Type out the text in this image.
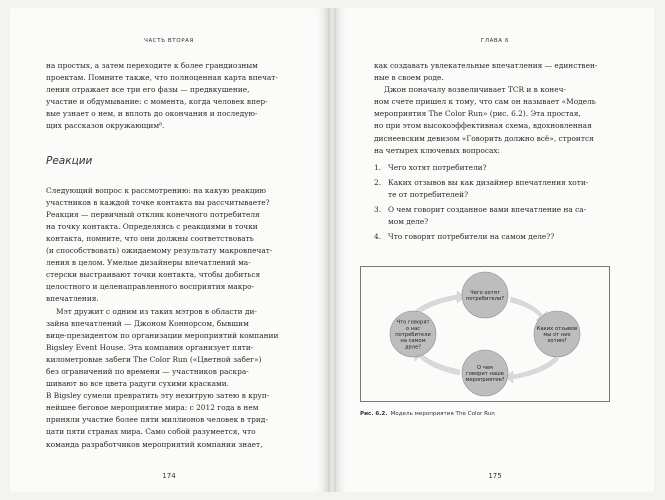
ЧАСТЬ ВТОРАЯ

на простых, а затем переходите к более грандиозным
проектам. Помните также, что полноценная карта впечат-
ления отражает все три его фазы — предвкушение,
участие и обдумывание: с момента, когда человек впер-
вые узнает о нем, и вплоть до окончания и последую-
щих рассказов окружающим⁸.

Реакции

Следующий вопрос к рассмотрению: на какую реакцию
участников в каждой точке контакта вы рассчитываете?
Реакция — первичный отклик конечного потребителя
на точку контакта. Определяясь с реакциями в точки
контакта, помните, что они должны соответствовать
(и способствовать) ожидаемому результату макровпечат-
ления в целом. Умелые дизайнеры впечатлений ма-
стерски выстраивают точки контакта, чтобы добиться
целостного и целенаправленного восприятия макро-
впечатления.

Мэт дружит с одним из таких мэтров в области ди-
зайна впечатлений — Джоном Коннорсом, бывшим
вице-президентом по организации мероприятий компании
Bigsley Event House. Эта компания организует пяти-
километровые забеги The Color Run («Цветной забег»)
без ограничений по времени — участников раскра-
шивают во все цвета радуги сухими красками.
В Bigsley сумели превратить эту нехитрую затею в круп-
нейшее беговое мероприятие мира: с 2012 года в нем
приняли участие более пяти миллионов человек в трид-
цати пяти странах мира. Само собой разумеется, что
команда разработчиков мероприятий компании знает,

174
ГЛАВА 6

как создавать увлекательные впечатления — единствен-
ные в своем роде.

Джон поначалу возвеличивает TCR и в конеч-
ном счете пришел к тому, что сам он называет «Модель
мероприятия The Color Run» (рис. 6.2). Эта простая,
но при этом высокоэффективная схема, вдохновленная
диснеевским девизом «Говорить должно всё», строится
на четырех ключевых вопросах:

1. Чего хотят потребители?
2. Каких отзывов вы как дизайнер впечатления хоти-
те от потребителей?
3. О чем говорит созданное вами впечатление на са-
мом деле?
4. Что говорят потребители на самом деле??
Чего хотят
потребители?
Каких отзывов
мы от них
хотим?
О чем
говорит наше
мероприятие?
Что говорят
о нас
потребители
на самом
деле?
Рис. 6.2. Модель мероприятия The Color Run
175
